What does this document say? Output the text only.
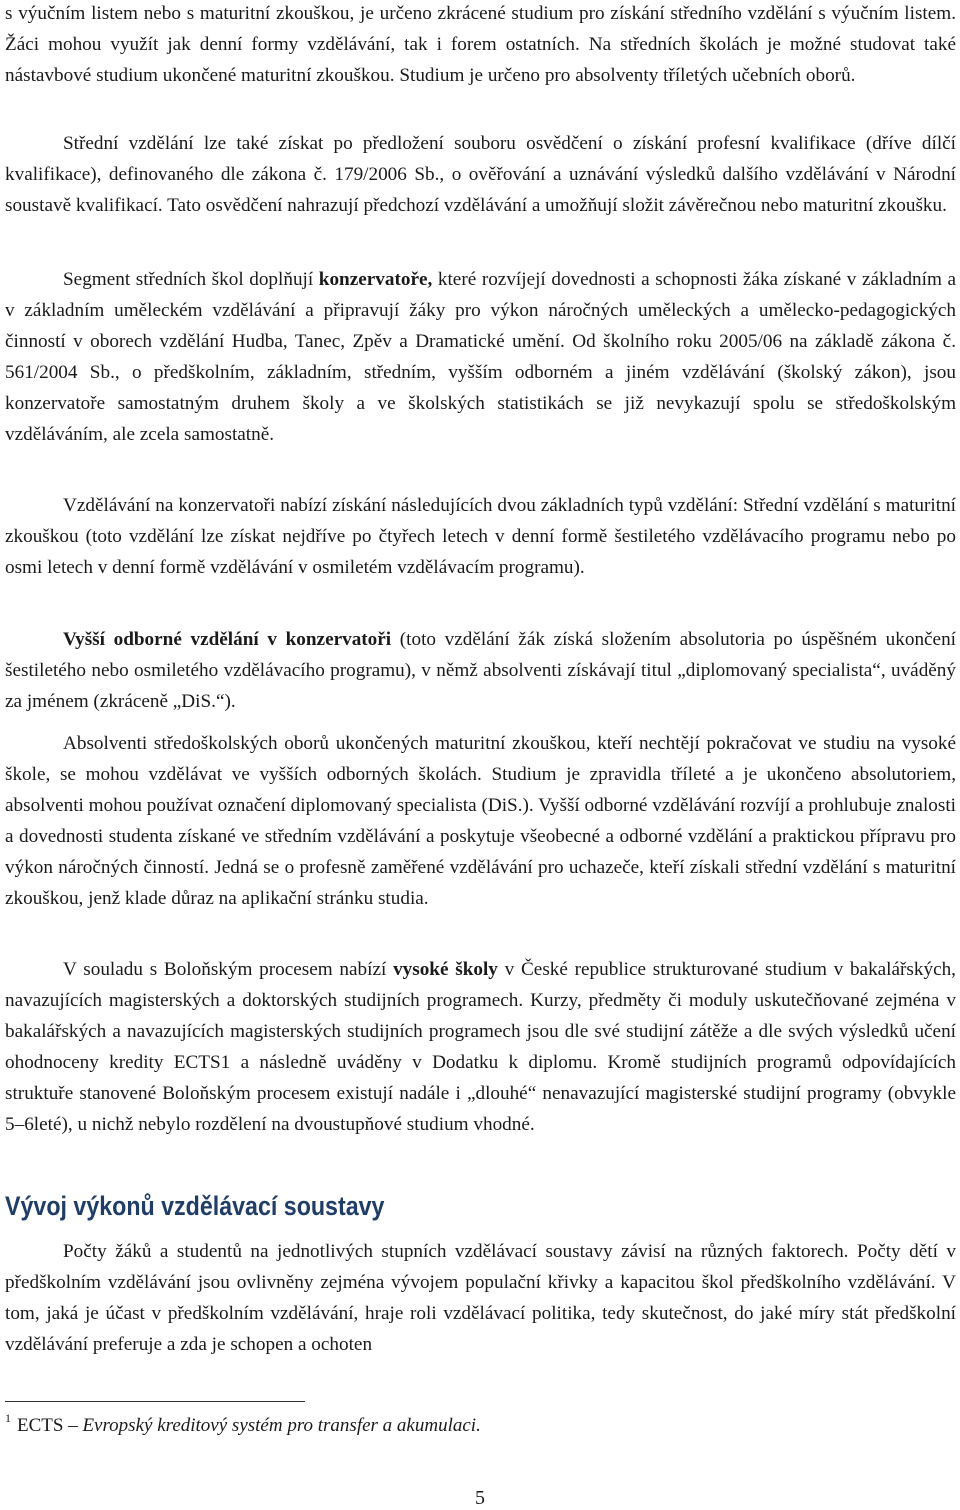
s výučním listem nebo s maturitní zkouškou, je určeno zkrácené studium pro získání středního vzdělání s výučním listem. Žáci mohou využít jak denní formy vzdělávání, tak i forem ostatních. Na středních školách je možné studovat také nástavbové studium ukončené maturitní zkouškou. Studium je určeno pro absolventy tříletých učebních oborů.

Střední vzdělání lze také získat po předložení souboru osvědčení o získání profesní kvalifikace (dříve dílčí kvalifikace), definovaného dle zákona č. 179/2006 Sb., o ověřování a uznávání výsledků dalšího vzdělávání v Národní soustavě kvalifikací. Tato osvědčení nahrazují předchozí vzdělávání a umožňují složit závěrečnou nebo maturitní zkoušku.

Segment středních škol doplňují konzervatoře, které rozvíjejí dovednosti a schopnosti žáka získané v základním a v základním uměleckém vzdělávání a připravují žáky pro výkon náročných uměleckých a umělecko-pedagogických činností v oborech vzdělání Hudba, Tanec, Zpěv a Dramatické umění. Od školního roku 2005/06 na základě zákona č. 561/2004 Sb., o předškolním, základním, středním, vyšším odborném a jiném vzdělávání (školský zákon), jsou konzervatoře samostatným druhem školy a ve školských statistikách se již nevykazují spolu se středoškolským vzděláváním, ale zcela samostatně.

Vzdělávání na konzervatoři nabízí získání následujících dvou základních typů vzdělání: Střední vzdělání s maturitní zkouškou (toto vzdělání lze získat nejdříve po čtyřech letech v denní formě šestiletého vzdělávacího programu nebo po osmi letech v denní formě vzdělávání v osmiletém vzdělávacím programu).

Vyšší odborné vzdělání v konzervatoři (toto vzdělání žák získá složením absolutoria po úspěšném ukončení šestiletého nebo osmiletého vzdělávacího programu), v němž absolventi získávají titul „diplomovaný specialista“, uváděný za jménem (zkráceně „DiS.“).

Absolventi středoškolských oborů ukončených maturitní zkouškou, kteří nechtějí pokračovat ve studiu na vysoké škole, se mohou vzdělávat ve vyšších odborných školách. Studium je zpravidla tříleté a je ukončeno absolutoriem, absolventi mohou používat označení diplomovaný specialista (DiS.). Vyšší odborné vzdělávání rozvíjí a prohlubuje znalosti a dovednosti studenta získané ve středním vzdělávání a poskytuje všeobecné a odborné vzdělání a praktickou přípravu pro výkon náročných činností. Jedná se o profesně zaměřené vzdělávání pro uchazeče, kteří získali střední vzdělání s maturitní zkouškou, jenž klade důraz na aplikační stránku studia.

V souladu s Boloňským procesem nabízí vysoké školy v České republice strukturované studium v bakalářských, navazujících magisterských a doktorských studijních programech. Kurzy, předměty či moduly uskutečňované zejména v bakalářských a navazujících magisterských studijních programech jsou dle své studijní zátěže a dle svých výsledků učení ohodnoceny kredity ECTS1 a následně uváděny v Dodatku k diplomu. Kromě studijních programů odpovídajících struktuře stanovené Boloňským procesem existují nadále i „dlouhé“ nenavazující magisterské studijní programy (obvykle 5–6leté), u nichž nebylo rozdělení na dvoustupňové studium vhodné.

Vývoj výkonů vzdělávací soustavy

Počty žáků a studentů na jednotlivých stupních vzdělávací soustavy závisí na různých faktorech. Počty dětí v předškolním vzdělávání jsou ovlivněny zejména vývojem populační křivky a kapacitou škol předškolního vzdělávání. V tom, jaká je účast v předškolním vzdělávání, hraje roli vzdělávací politika, tedy skutečnost, do jaké míry stát předškolní vzdělávání preferuje a zda je schopen a ochoten

$^1$ ECTS – Evropský kreditový systém pro transfer a akumulaci.
5
